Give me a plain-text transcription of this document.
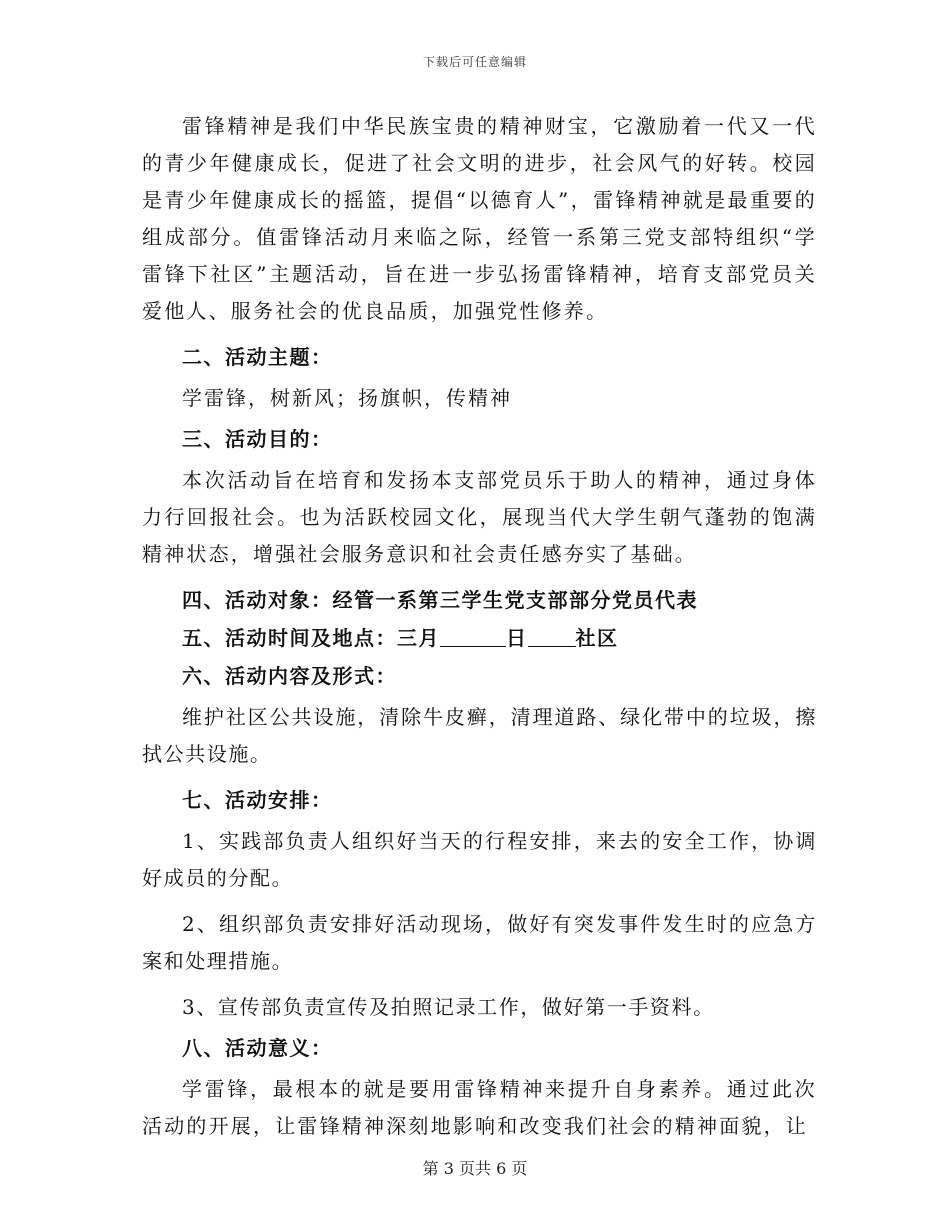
下载后可任意编辑

雷锋精神是我们中华民族宝贵的精神财宝，它激励着一代又一代的青少年健康成长，促进了社会文明的进步，社会风气的好转。校园是青少年健康成长的摇篮，提倡“以德育人”，雷锋精神就是最重要的组成部分。值雷锋活动月来临之际，经管一系第三党支部特组织“学雷锋下社区”主题活动，旨在进一步弘扬雷锋精神，培育支部党员关爱他人、服务社会的优良品质，加强党性修养。

二、活动主题：

学雷锋，树新风；扬旗帜，传精神

三、活动目的：

本次活动旨在培育和发扬本支部党员乐于助人的精神，通过身体力行回报社会。也为活跃校园文化，展现当代大学生朝气蓬勃的饱满精神状态，增强社会服务意识和社会责任感夯实了基础。

四、活动对象：经管一系第三学生党支部部分党员代表

五、活动时间及地点：三月	日 社区

六、活动内容及形式：

维护社区公共设施，清除牛皮癣，清理道路、绿化带中的垃圾，擦拭公共设施。

七、活动安排：

1、实践部负责人组织好当天的行程安排，来去的安全工作，协调好成员的分配。

2、组织部负责安排好活动现场，做好有突发事件发生时的应急方案和处理措施。

3、宣传部负责宣传及拍照记录工作，做好第一手资料。

八、活动意义：

学雷锋，最根本的就是要用雷锋精神来提升自身素养。通过此次活动的开展，让雷锋精神深刻地影响和改变我们社会的精神面貌，让

第 3 页共 6 页
